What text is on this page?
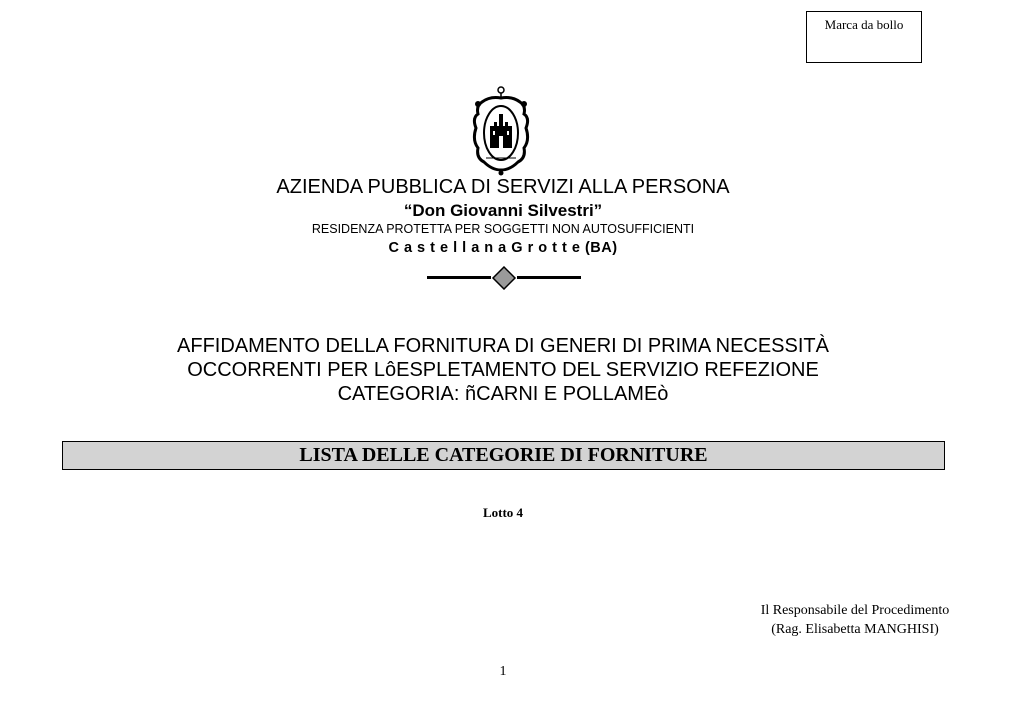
Marca da bollo
AZIENDA PUBBLICA DI SERVIZI ALLA PERSONA
“Don Giovanni Silvestri”
RESIDENZA PROTETTA PER SOGGETTI NON AUTOSUFFICIENTI
C a s t e l l a n a G r o t t e (BA)
AFFIDAMENTO DELLA FORNITURA DI GENERI DI PRIMA NECESSITÀ
OCCORRENTI PER LôESPLETAMENTO DEL SERVIZIO REFEZIONE
CATEGORIA: ñCARNI E POLLAMEò
LISTA DELLE CATEGORIE DI FORNITURE
Lotto 4
Il Responsabile del Procedimento
(Rag. Elisabetta MANGHISI)
1
